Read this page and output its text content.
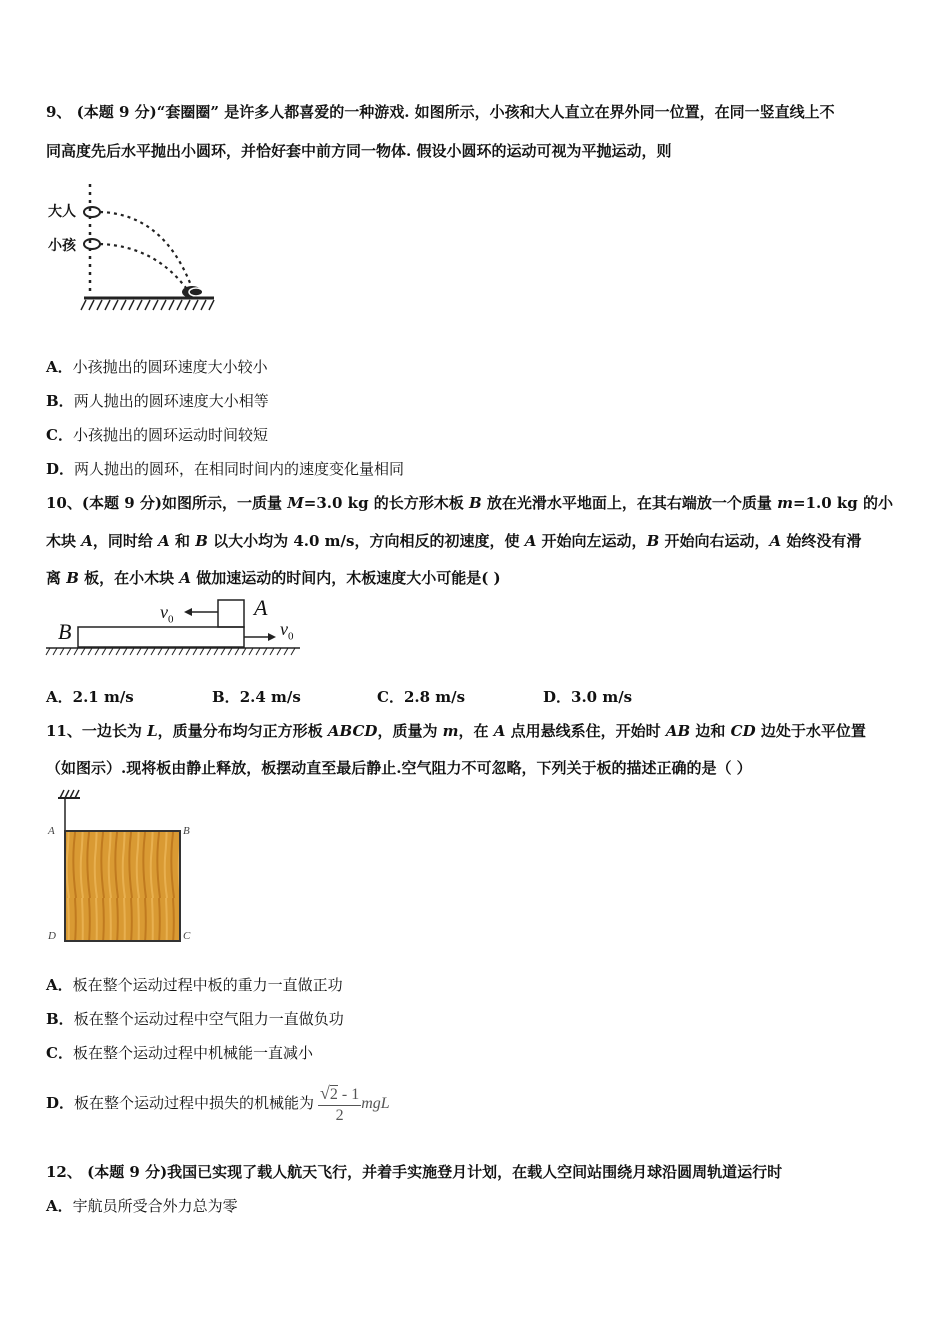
9、 (本题 9 分)“套圈圈” 是许多人都喜爱的一种游戏. 如图所示，小孩和大人直立在界外同一位置，在同一竖直线上不
同高度先后水平抛出小圆环，并恰好套中前方同一物体. 假设小圆环的运动可视为平抛运动，则
大人
小孩
A．小孩抛出的圆环速度大小较小
B．两人抛出的圆环速度大小相等
C．小孩抛出的圆环运动时间较短
D．两人抛出的圆环，在相同时间内的速度变化量相同
10、(本题 9 分)如图所示，一质量 M=3.0 kg 的长方形木板 B 放在光滑水平地面上，在其右端放一个质量 m=1.0 kg 的小
木块 A，同时给 A 和 B 以大小均为 4.0 m/s，方向相反的初速度，使 A 开始向左运动，B 开始向右运动，A 始终没有滑
离 B 板，在小木块 A 做加速运动的时间内，木板速度大小可能是( )
B
A
$v_0$	$v_0$
A．2.1 m/s	B．2.4 m/s	C．2.8 m/s	D．3.0 m/s
11、一边长为 L，质量分布均匀正方形板 ABCD，质量为 m，在 A 点用悬线系住，开始时 AB 边和 CD 边处于水平位置
（如图示）.现将板由静止释放，板摆动直至最后静止.空气阻力不可忽略，下列关于板的描述正确的是（ ）
A	B
C
D
A．板在整个运动过程中板的重力一直做正功
B．板在整个运动过程中空气阻力一直做负功
C．板在整个运动过程中机械能一直减小
D．板在整个运动过程中损失的机械能为 $\frac{√2 - 1}{2}$ mgL
12、 (本题 9 分)我国已实现了载人航天飞行，并着手实施登月计划，在载人空间站围绕月球沿圆周轨道运行时
A．宇航员所受合外力总为零
